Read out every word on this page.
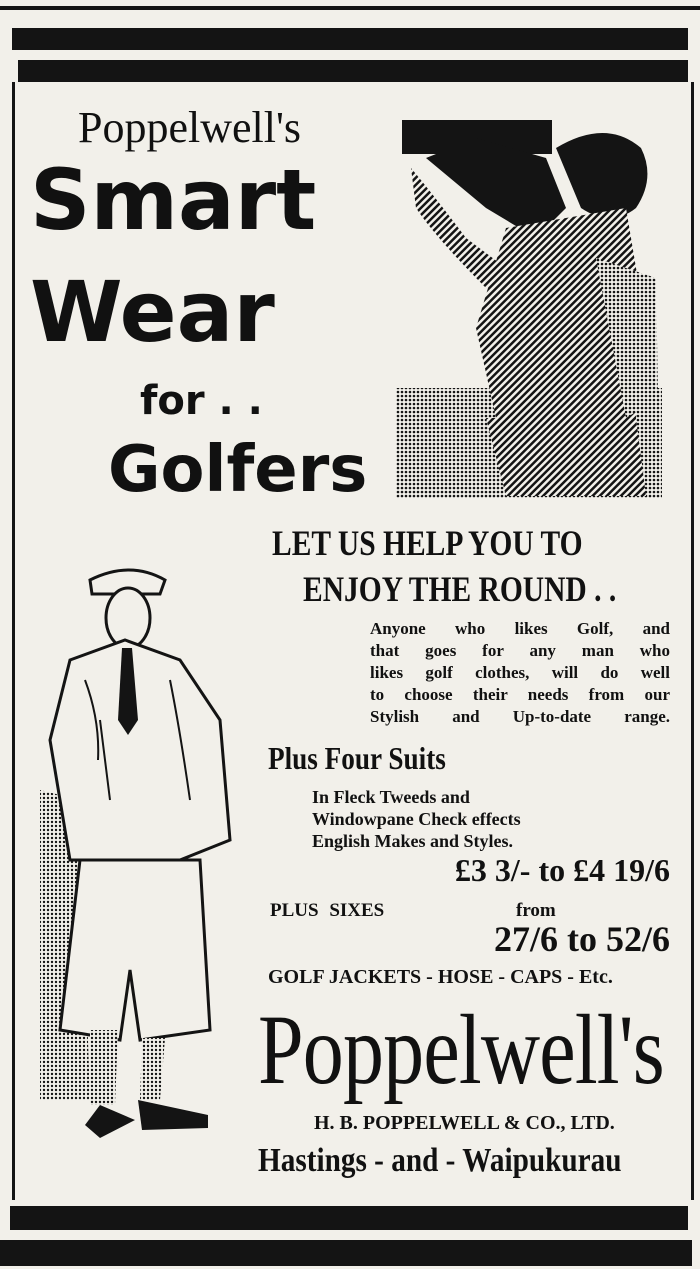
Poppelwell's
Smart
Wear
for . .
Golfers
LET US HELP YOU TO
ENJOY THE ROUND . .
Anyone who likes Golf, and
that goes for any man who
likes golf clothes, will do well
to choose their needs from our
Stylish and Up-to-date range.
Plus Four Suits
In Fleck Tweeds and
Windowpane Check effects
English Makes and Styles.
£3 3/- to £4 19/6
PLUS SIXES	from
27/6 to 52/6
GOLF JACKETS - HOSE - CAPS - Etc.
Poppelwell's
H. B. POPPELWELL & CO., LTD.
Hastings - and - Waipukurau
